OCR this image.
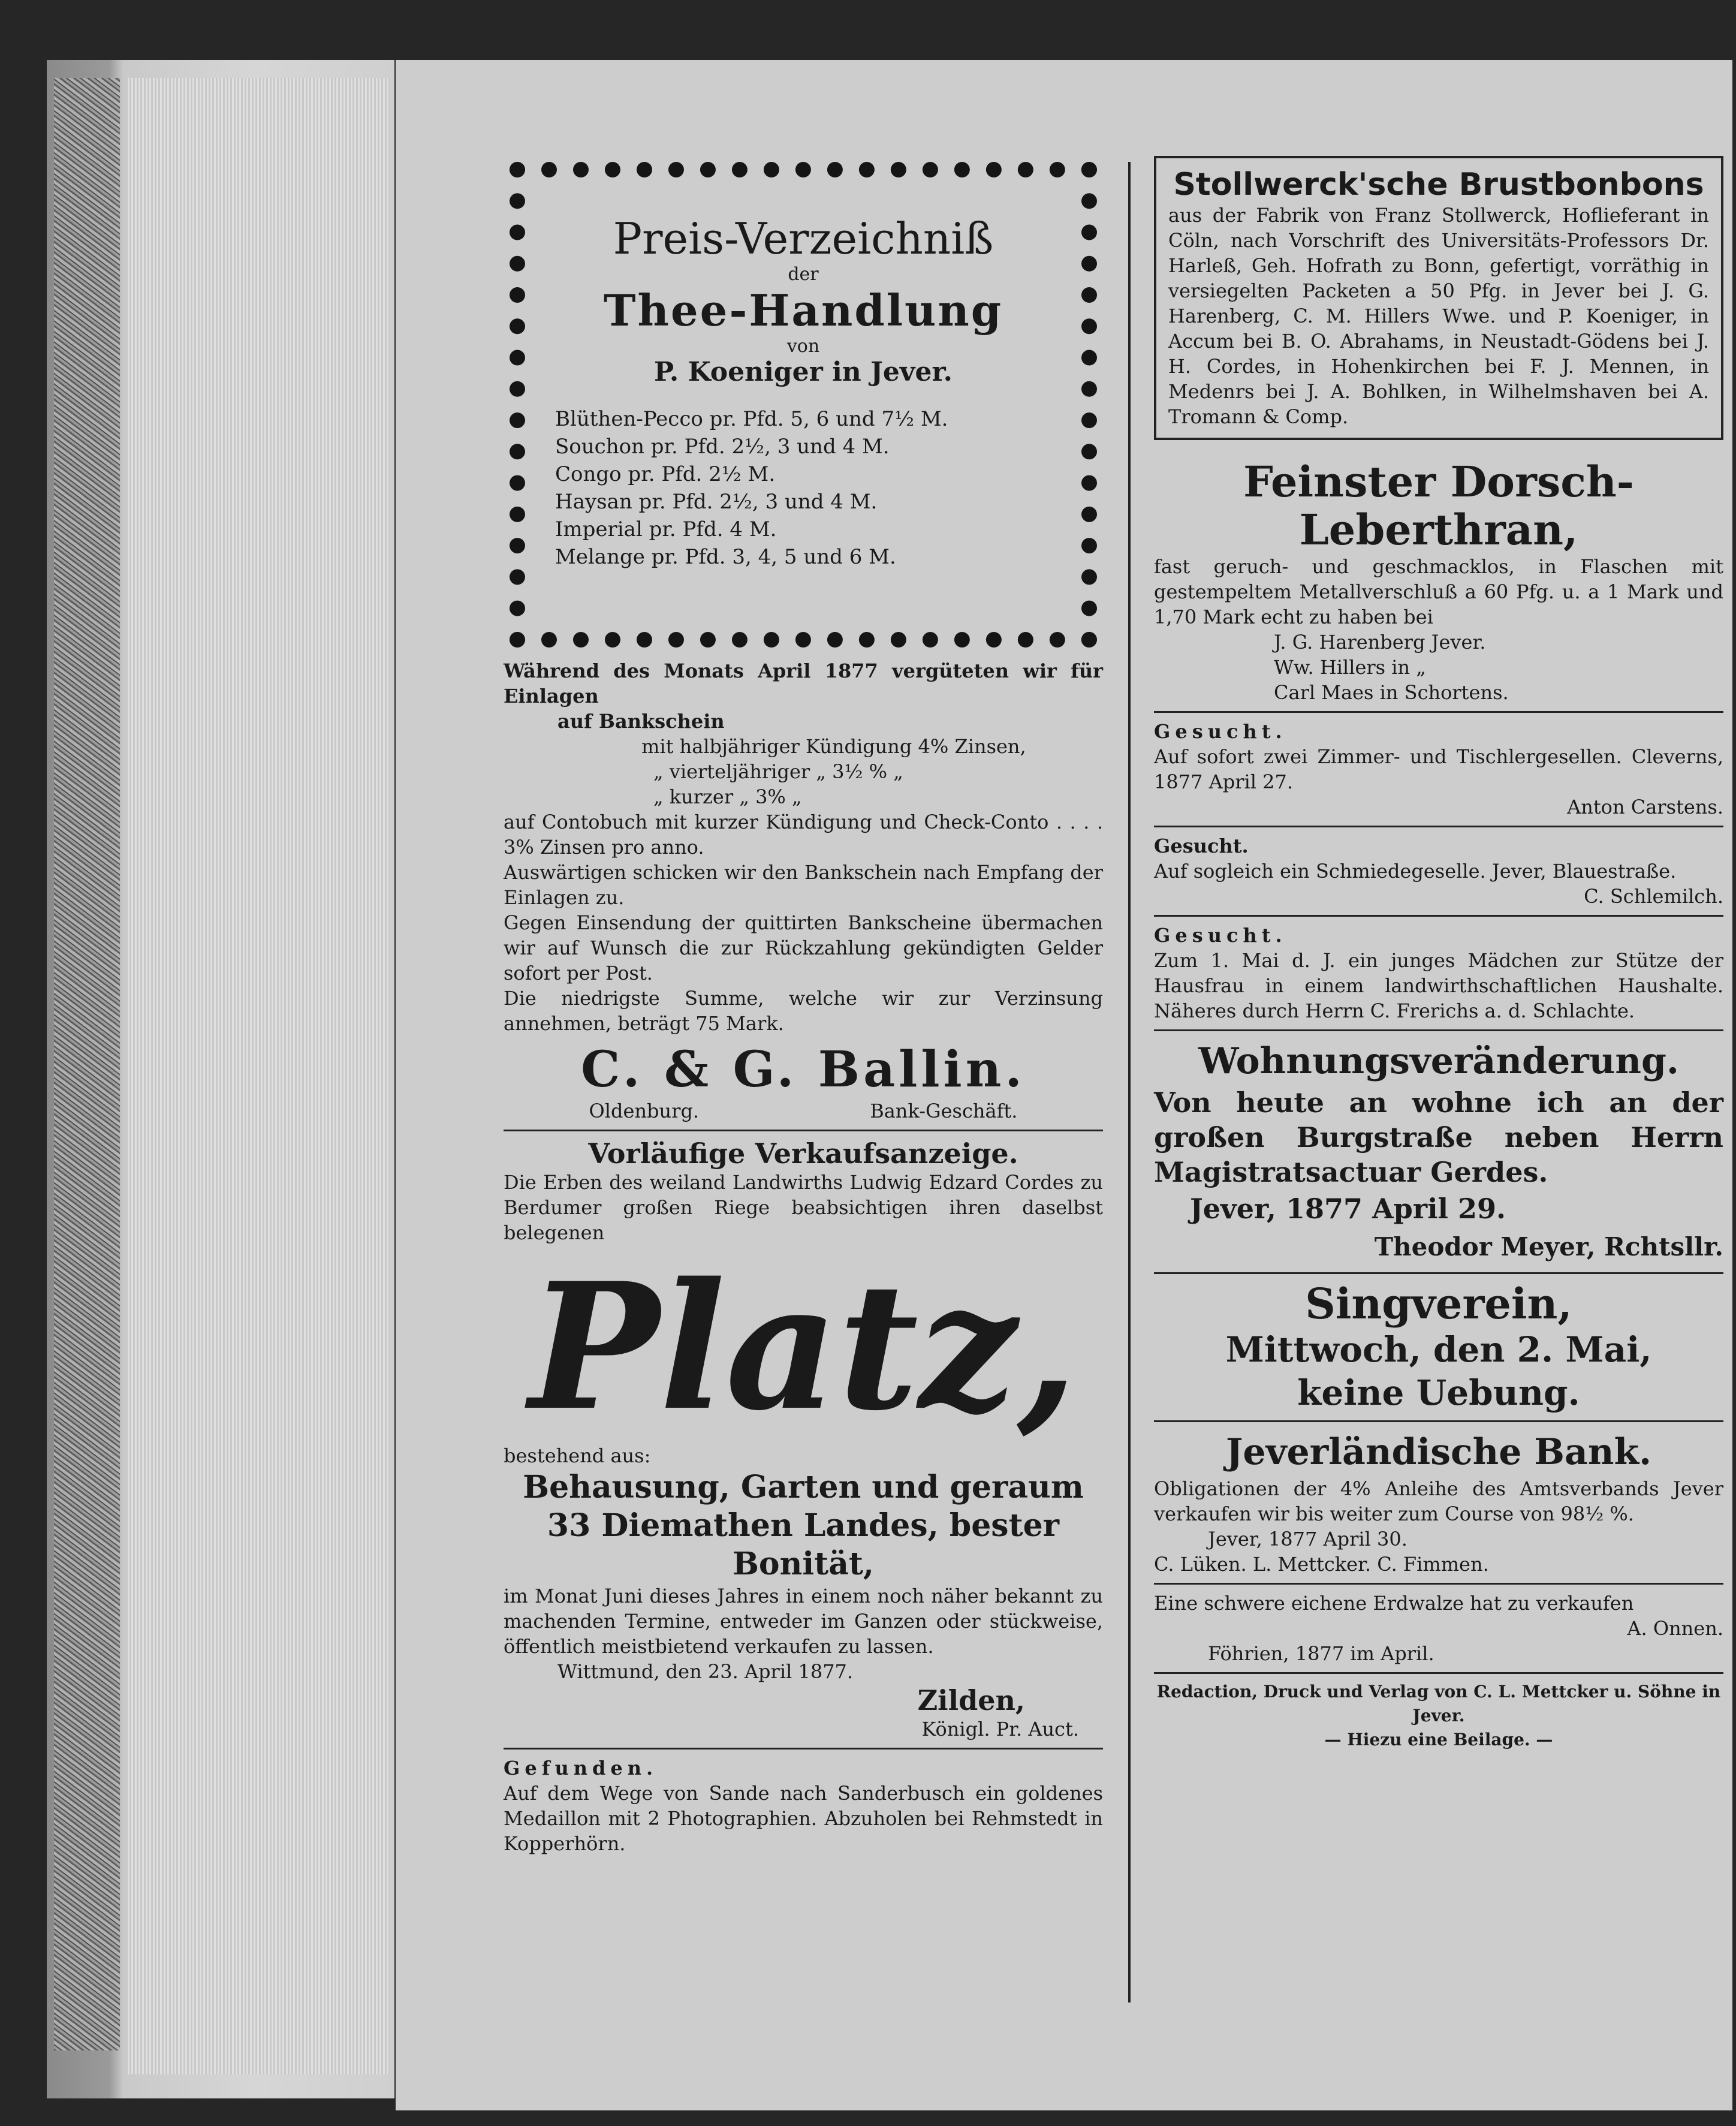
Preis-Verzeichniß
der
Thee-Handlung
von
P. Koeniger in Jever.
Blüthen-Pecco pr. Pfd. 5, 6 und 7½ M.
Souchon pr. Pfd. 2½, 3 und 4 M.
Congo pr. Pfd. 2½ M.
Haysan pr. Pfd. 2½, 3 und 4 M.
Imperial pr. Pfd. 4 M.
Melange pr. Pfd. 3, 4, 5 und 6 M.
Während des Monats April 1877 vergüteten wir für Einlagen
auf Bankschein
mit halbjähriger Kündigung 4% Zinsen,
„ vierteljähriger „ 3½ % „
„ kurzer „ 3% „
auf Contobuch mit kurzer Kündigung und Check-Conto . . . . 3% Zinsen pro anno.
Auswärtigen schicken wir den Bankschein nach Empfang der Einlagen zu.
Gegen Einsendung der quittirten Bankscheine übermachen wir auf Wunsch die zur Rückzahlung gekündigten Gelder sofort per Post.
Die niedrigste Summe, welche wir zur Verzinsung annehmen, beträgt 75 Mark.
C. & G. Ballin.
Oldenburg.	Bank-Geschäft.
Vorläufige Verkaufsanzeige.
Die Erben des weiland Landwirths Ludwig Edzard Cordes zu Berdumer großen Riege beabsichtigen ihren daselbst belegenen
Platz,
bestehend aus:
Behausung, Garten und geraum
33 Diemathen Landes, bester
Bonität,
im Monat Juni dieses Jahres in einem noch näher bekannt zu machenden Termine, entweder im Ganzen oder stückweise, öffentlich meistbietend verkaufen zu lassen.
Wittmund, den 23. April 1877.
Zilden,
Königl. Pr. Auct.
Gefunden.
Auf dem Wege von Sande nach Sanderbusch ein goldenes Medaillon mit 2 Photographien. Abzuholen bei Rehmstedt in Kopperhörn.
Stollwerck'sche Brustbonbons
aus der Fabrik von Franz Stollwerck, Hoflieferant in Cöln, nach Vorschrift des Universitäts-Professors Dr. Harleß, Geh. Hofrath zu Bonn, gefertigt, vorräthig in versiegelten Packeten a 50 Pfg. in Jever bei J. G. Harenberg, C. M. Hillers Wwe. und P. Koeniger, in Accum bei B. O. Abrahams, in Neustadt-Gödens bei J. H. Cordes, in Hohenkirchen bei F. J. Mennen, in Medenrs bei J. A. Bohlken, in Wilhelmshaven bei A. Tromann & Comp.
Feinster Dorsch-Leberthran,
fast geruch- und geschmacklos, in Flaschen mit gestempeltem Metallverschluß a 60 Pfg. u. a 1 Mark und 1,70 Mark echt zu haben bei
J. G. Harenberg Jever.
Ww. Hillers in „
Carl Maes in Schortens.
Gesucht.
Auf sofort zwei Zimmer- und Tischlergesellen. Cleverns, 1877 April 27.
Anton Carstens.
Gesucht.
Auf sogleich ein Schmiedegeselle. Jever, Blauestraße.
C. Schlemilch.
Gesucht.
Zum 1. Mai d. J. ein junges Mädchen zur Stütze der Hausfrau in einem landwirthschaftlichen Haushalte. Näheres durch Herrn C. Frerichs a. d. Schlachte.
Wohnungsveränderung.
Von heute an wohne ich an der großen Burgstraße neben Herrn Magistratsactuar Gerdes.
Jever, 1877 April 29.
Theodor Meyer, Rchtsllr.
Singverein,
Mittwoch, den 2. Mai,
keine Uebung.
Jeverländische Bank.
Obligationen der 4% Anleihe des Amtsverbands Jever verkaufen wir bis weiter zum Course von 98½ %.
Jever, 1877 April 30.
C. Lüken. L. Mettcker. C. Fimmen.
Eine schwere eichene Erdwalze hat zu verkaufen
A. Onnen.
Föhrien, 1877 im April.
Redaction, Druck und Verlag von C. L. Mettcker u. Söhne in Jever.
— Hiezu eine Beilage. —
